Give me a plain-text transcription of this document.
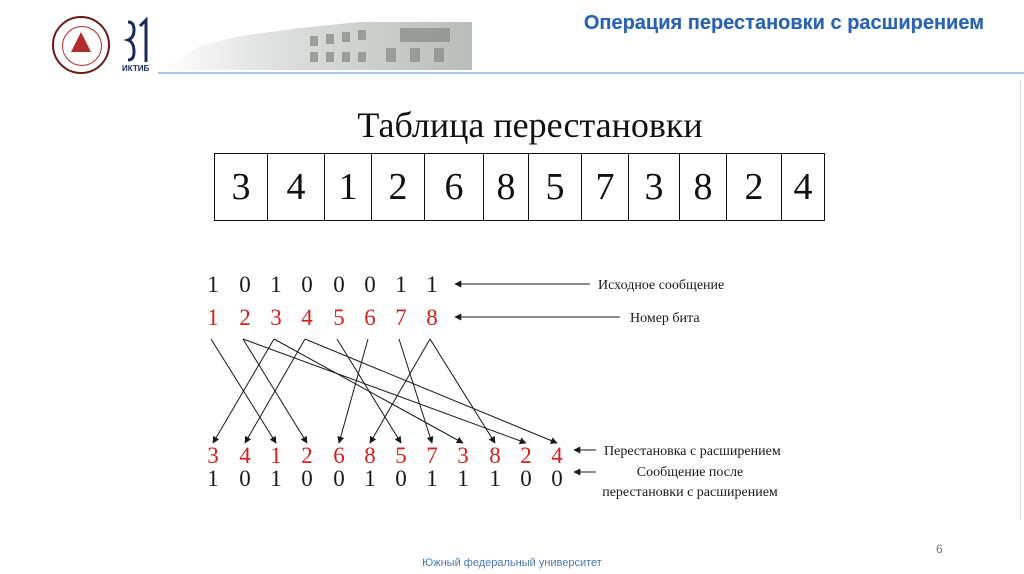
ИКТИБ
Операция перестановки с расширением
Таблица перестановки
3	4	1	2	6	8	5	7	3	8	2	4
1 0 1 0 0 0 1 1
1 2 3 4 5 6 7 8
3 4 1 2 6 8 5 7 3 8 2 4
1 0 1 0 0 1 0 1 1 1 0 0
Исходное сообщение
Номер бита
Перестановка с расширением
Сообщение после
перестановки с расширением
6
Южный федеральный университет
